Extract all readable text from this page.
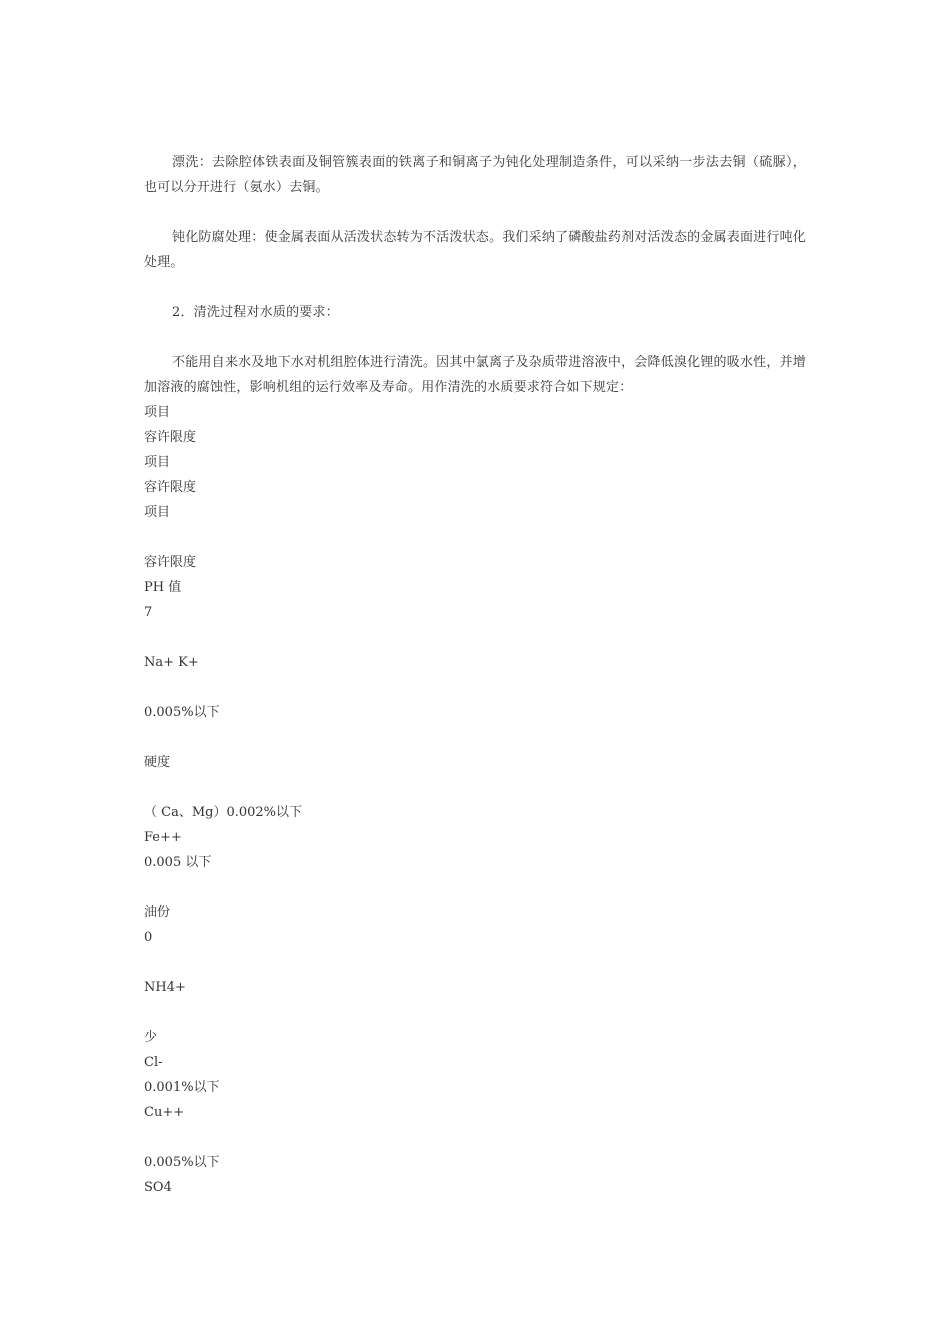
漂洗：去除腔体铁表面及铜管簇表面的铁离子和铜离子为钝化处理制造条件，可以采纳一步法去铜（硫脲），也可以分开进行（氨水）去铜。

钝化防腐处理：使金属表面从活泼状态转为不活泼状态。我们采纳了磷酸盐药剂对活泼态的金属表面进行吨化处理。

2．清洗过程对水质的要求：

不能用自来水及地下水对机组腔体进行清洗。因其中氯离子及杂质带进溶液中，会降低溴化锂的吸水性，并增加溶液的腐蚀性，影响机组的运行效率及寿命。用作清洗的水质要求符合如下规定：

项目
容许限度
项目
容许限度
项目
容许限度
PH 值
7
Na+ K+
0.005%以下
硬度
（ Ca、Mg）0.002%以下
Fe++
0.005 以下
油份
0
NH4+
少
Cl-
0.001%以下
Cu++
0.005%以下
SO4
